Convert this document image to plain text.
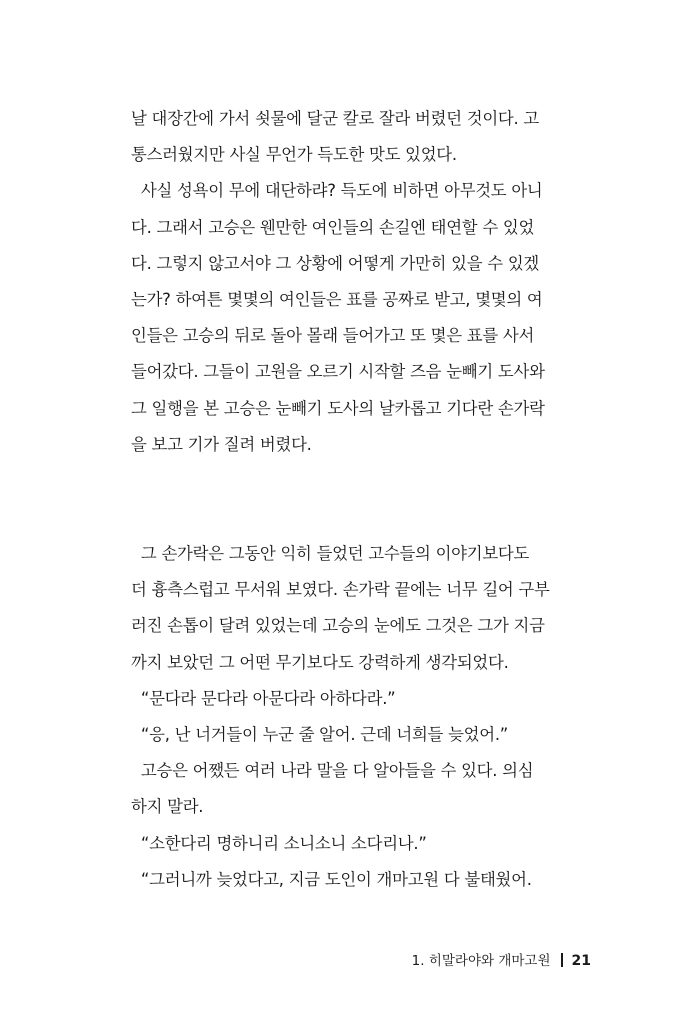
날 대장간에 가서 쇳물에 달군 칼로 잘라 버렸던 것이다. 고
통스러웠지만 사실 무언가 득도한 맛도 있었다.
사실 성욕이 무에 대단하랴? 득도에 비하면 아무것도 아니
다. 그래서 고승은 웬만한 여인들의 손길엔 태연할 수 있었
다. 그렇지 않고서야 그 상황에 어떻게 가만히 있을 수 있겠
는가? 하여튼 몇몇의 여인들은 표를 공짜로 받고, 몇몇의 여
인들은 고승의 뒤로 돌아 몰래 들어가고 또 몇은 표를 사서
들어갔다. 그들이 고원을 오르기 시작할 즈음 눈빼기 도사와
그 일행을 본 고승은 눈빼기 도사의 날카롭고 기다란 손가락
을 보고 기가 질려 버렸다.
그 손가락은 그동안 익히 들었던 고수들의 이야기보다도
더 흉측스럽고 무서워 보였다. 손가락 끝에는 너무 길어 구부
러진 손톱이 달려 있었는데 고승의 눈에도 그것은 그가 지금
까지 보았던 그 어떤 무기보다도 강력하게 생각되었다.
“문다라 문다라 아문다라 아하다라.”
“응, 난 너거들이 누군 줄 알어. 근데 너희들 늦었어.”
고승은 어쨌든 여러 나라 말을 다 알아들을 수 있다. 의심
하지 말라.
“소한다리 명하니리 소니소니 소다리나.”
“그러니까 늦었다고, 지금 도인이 개마고원 다 불태웠어.
1. 히말라야와 개마고원 21
